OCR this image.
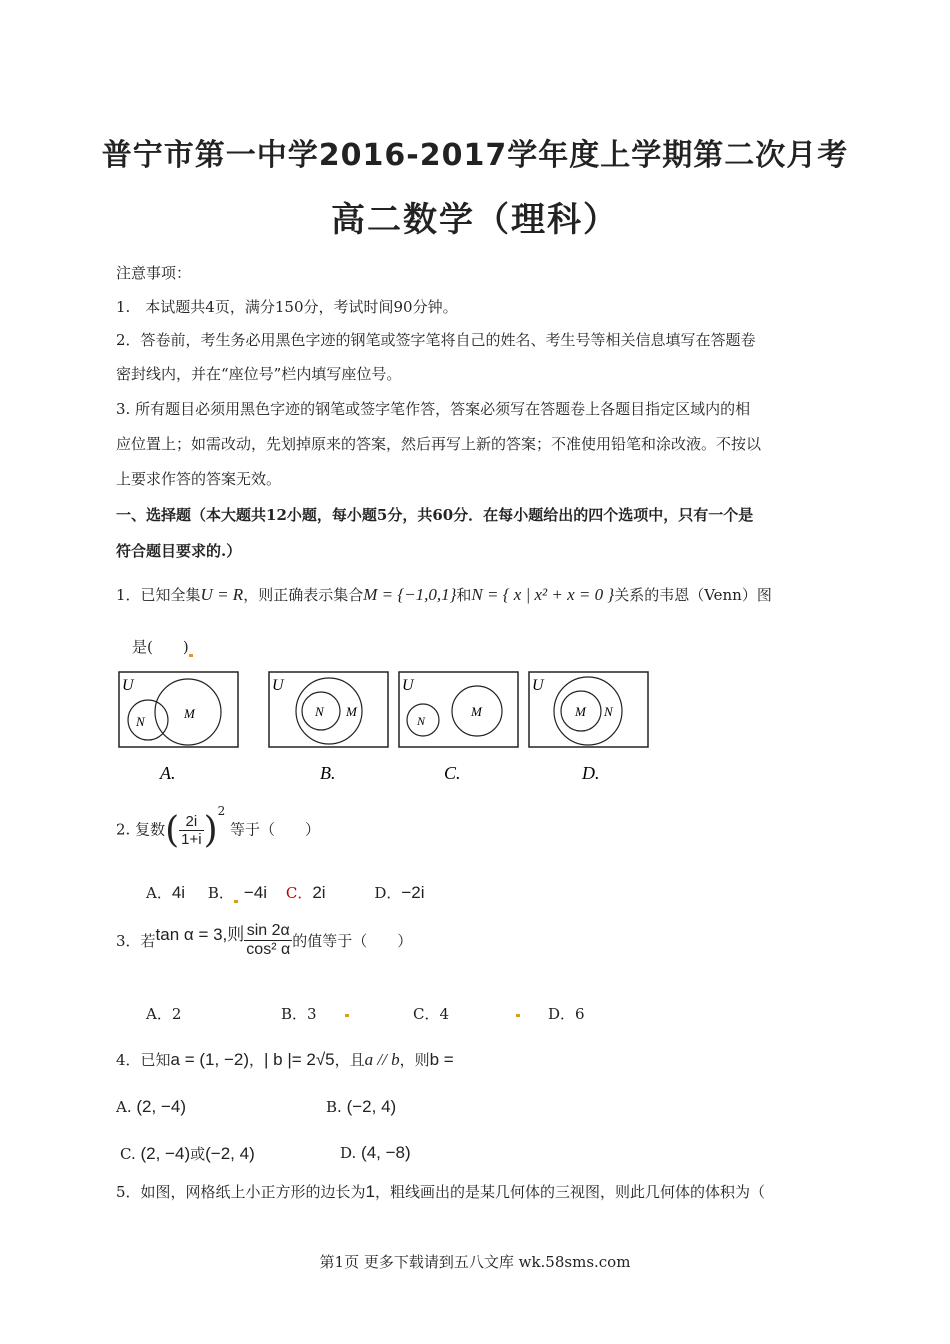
普宁市第一中学2016-2017学年度上学期第二次月考
高二数学（理科）
注意事项：
1.　本试题共4页，满分150分，考试时间90分钟。
2．答卷前，考生务必用黑色字迹的钢笔或签字笔将自己的姓名、考生号等相关信息填写在答题卷
密封线内，并在“座位号”栏内填写座位号。
3. 所有题目必须用黑色字迹的钢笔或签字笔作答，答案必须写在答题卷上各题目指定区域内的相
应位置上；如需改动，先划掉原来的答案，然后再写上新的答案；不准使用铅笔和涂改液。不按以
上要求作答的答案无效。
一、选择题（本大题共12小题，每小题5分，共60分．在每小题给出的四个选项中，只有一个是
符合题目要求的.）
1．已知全集U = R，则正确表示集合M = {−1,0,1}和N = { x | x² + x = 0 }关系的韦恩（Venn）图
是(　　)
U
N
M
U
N M
U
N
M
U
M N
A.	B.	C.	D.
2. 复数( $\frac{2i}{1+i} )^2$ 等于（　　）
A．4i B． −4i C．2i	D．−2i
3．若tan α = 3,则 $\frac{\sin 2\alpha}{\text{cos² α}}$ 的值等于（　　）
A．2	B．3	C．4	D．6
4．已知a = (1, −2)，| b |= 2√5，且a // b，则b =
A. (2, −4)	B. (−2, 4)
C. (2, −4)或(−2, 4)	D. (4, −8)
5．如图，网格纸上小正方形的边长为1，粗线画出的是某几何体的三视图，则此几何体的体积为（
第1页 更多下载请到五八文库 wk.58sms.com
